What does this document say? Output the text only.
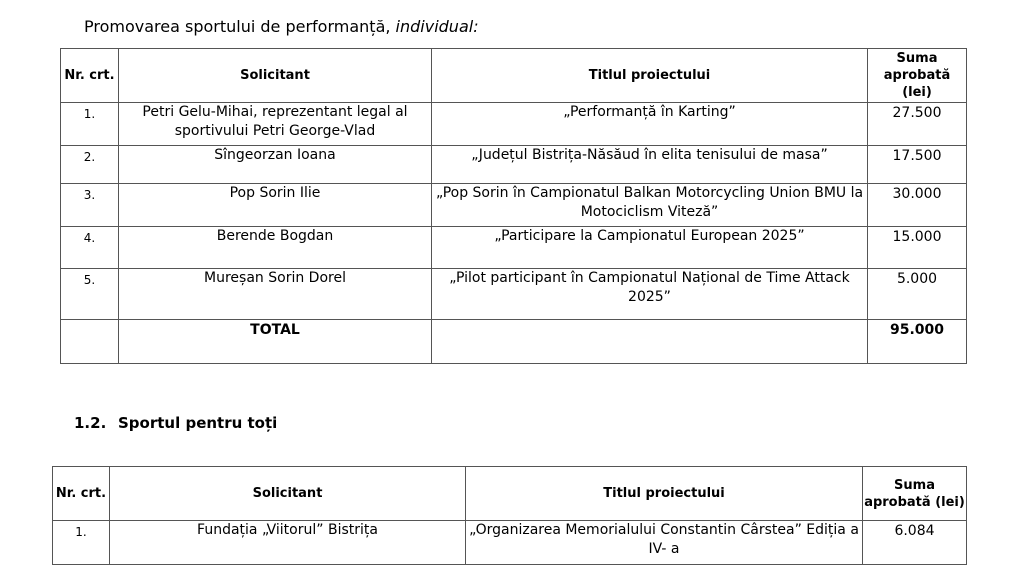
Promovarea sportului de performanță, individual:
Nr. crt.	Solicitant	Titlul proiectului	Suma aprobată (lei)
1.	Petri Gelu-Mihai, reprezentant legal al sportivului Petri George-Vlad	„Performanță în Karting”	27.500
2.	Sîngeorzan Ioana	„Județul Bistrița-Năsăud în elita tenisului de masa”	17.500
3.	Pop Sorin Ilie	„Pop Sorin în Campionatul Balkan Motorcycling Union BMU la Motociclism Viteză”	30.000
4.	Berende Bogdan	„Participare la Campionatul European 2025”	15.000
5.	Mureșan Sorin Dorel	„Pilot participant în Campionatul Național de Time Attack 2025”	5.000
	TOTAL		95.000
1.2. Sportul pentru toți
Nr. crt.	Solicitant	Titlul proiectului	Suma aprobată (lei)
1.	Fundația „Viitorul” Bistrița	„Organizarea Memorialului Constantin Cârstea” Ediția a IV- a	6.084
